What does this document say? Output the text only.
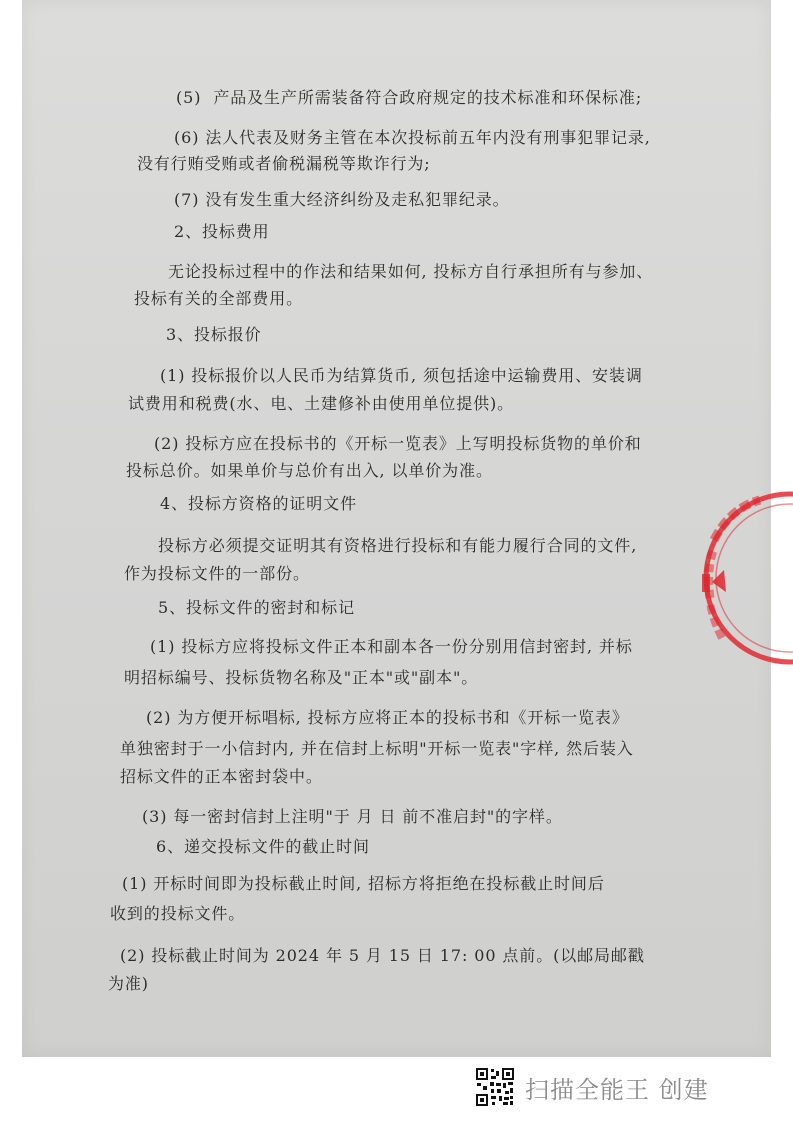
(5)  产品及生产所需装备符合政府规定的技术标准和环保标准;
(6) 法人代表及财务主管在本次投标前五年内没有刑事犯罪记录,
没有行贿受贿或者偷税漏税等欺诈行为;
(7) 没有发生重大经济纠纷及走私犯罪纪录。
2、投标费用
无论投标过程中的作法和结果如何, 投标方自行承担所有与参加、
投标有关的全部费用。
3、投标报价
(1) 投标报价以人民币为结算货币, 须包括途中运输费用、安装调
试费用和税费(水、电、土建修补由使用单位提供)。
(2) 投标方应在投标书的《开标一览表》上写明投标货物的单价和
投标总价。如果单价与总价有出入, 以单价为准。
4、投标方资格的证明文件
投标方必须提交证明其有资格进行投标和有能力履行合同的文件,
作为投标文件的一部份。
5、投标文件的密封和标记
(1) 投标方应将投标文件正本和副本各一份分别用信封密封, 并标
明招标编号、投标货物名称及"正本"或"副本"。
(2) 为方便开标唱标, 投标方应将正本的投标书和《开标一览表》
单独密封于一小信封内, 并在信封上标明"开标一览表"字样, 然后装入
招标文件的正本密封袋中。
(3) 每一密封信封上注明"于 月 日 前不准启封"的字样。
6、递交投标文件的截止时间
(1) 开标时间即为投标截止时间, 招标方将拒绝在投标截止时间后
收到的投标文件。
(2) 投标截止时间为 2024 年 5 月 15 日 17: 00 点前。(以邮局邮戳
为准)
扫描全能王 创建
